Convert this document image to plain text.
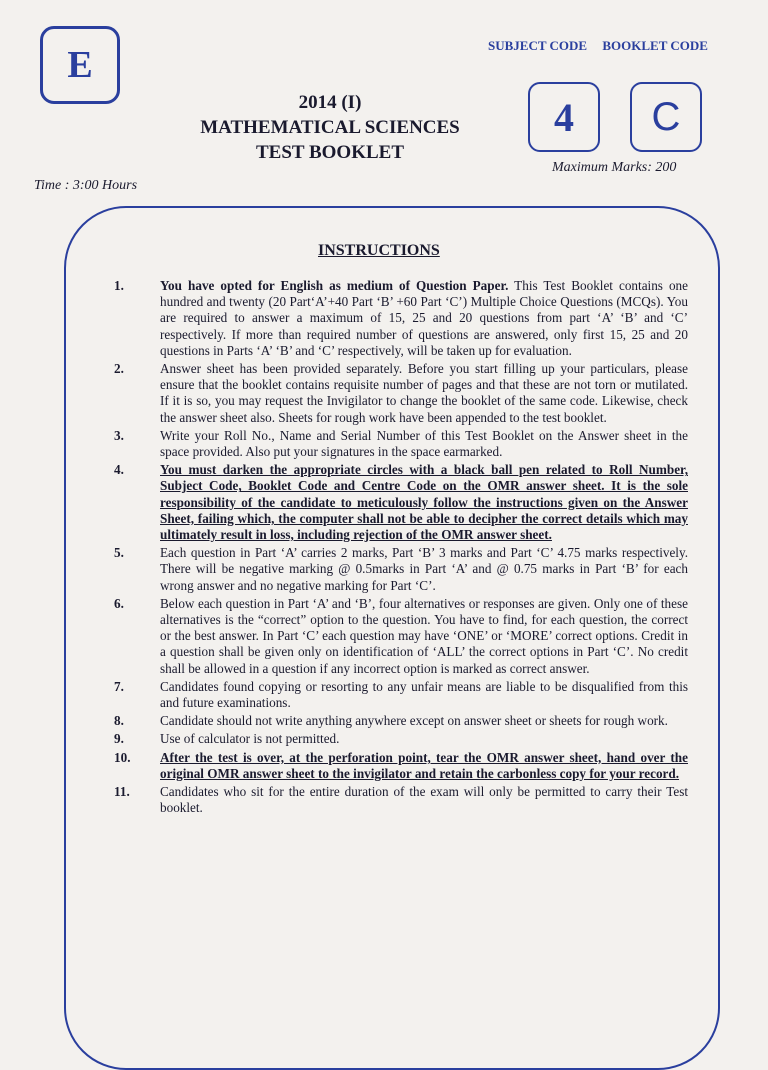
E	SUBJECT CODE BOOKLET CODE
4 C
2014 (I)
MATHEMATICAL SCIENCES
TEST BOOKLET
Maximum Marks: 200
Time : 3:00 Hours
INSTRUCTIONS
1.	You have opted for English as medium of Question Paper. This Test Booklet contains one hundred and twenty (20 Part‘A’+40 Part ‘B’ +60 Part ‘C’) Multiple Choice Questions (MCQs). You are required to answer a maximum of 15, 25 and 20 questions from part ‘A’ ‘B’ and ‘C’ respectively. If more than required number of questions are answered, only first 15, 25 and 20 questions in Parts ‘A’ ‘B’ and ‘C’ respectively, will be taken up for evaluation.
2.	Answer sheet has been provided separately. Before you start filling up your particulars, please ensure that the booklet contains requisite number of pages and that these are not torn or mutilated. If it is so, you may request the Invigilator to change the booklet of the same code. Likewise, check the answer sheet also. Sheets for rough work have been appended to the test booklet.
3.	Write your Roll No., Name and Serial Number of this Test Booklet on the Answer sheet in the space provided. Also put your signatures in the space earmarked.
4.	You must darken the appropriate circles with a black ball pen related to Roll Number, Subject Code, Booklet Code and Centre Code on the OMR answer sheet. It is the sole responsibility of the candidate to meticulously follow the instructions given on the Answer Sheet, failing which, the computer shall not be able to decipher the correct details which may ultimately result in loss, including rejection of the OMR answer sheet.
5.	Each question in Part ‘A’ carries 2 marks, Part ‘B’ 3 marks and Part ‘C’ 4.75 marks respectively. There will be negative marking @ 0.5marks in Part ‘A’ and @ 0.75 marks in Part ‘B’ for each wrong answer and no negative marking for Part ‘C’.
6.	Below each question in Part ‘A’ and ‘B’, four alternatives or responses are given. Only one of these alternatives is the “correct” option to the question. You have to find, for each question, the correct or the best answer. In Part ‘C’ each question may have ‘ONE’ or ‘MORE’ correct options. Credit in a question shall be given only on identification of ‘ALL’ the correct options in Part ‘C’. No credit shall be allowed in a question if any incorrect option is marked as correct answer.
7.	Candidates found copying or resorting to any unfair means are liable to be disqualified from this and future examinations.
8.	Candidate should not write anything anywhere except on answer sheet or sheets for rough work.
9.	Use of calculator is not permitted.
10.	After the test is over, at the perforation point, tear the OMR answer sheet, hand over the original OMR answer sheet to the invigilator and retain the carbonless copy for your record.
11.	Candidates who sit for the entire duration of the exam will only be permitted to carry their Test booklet.
